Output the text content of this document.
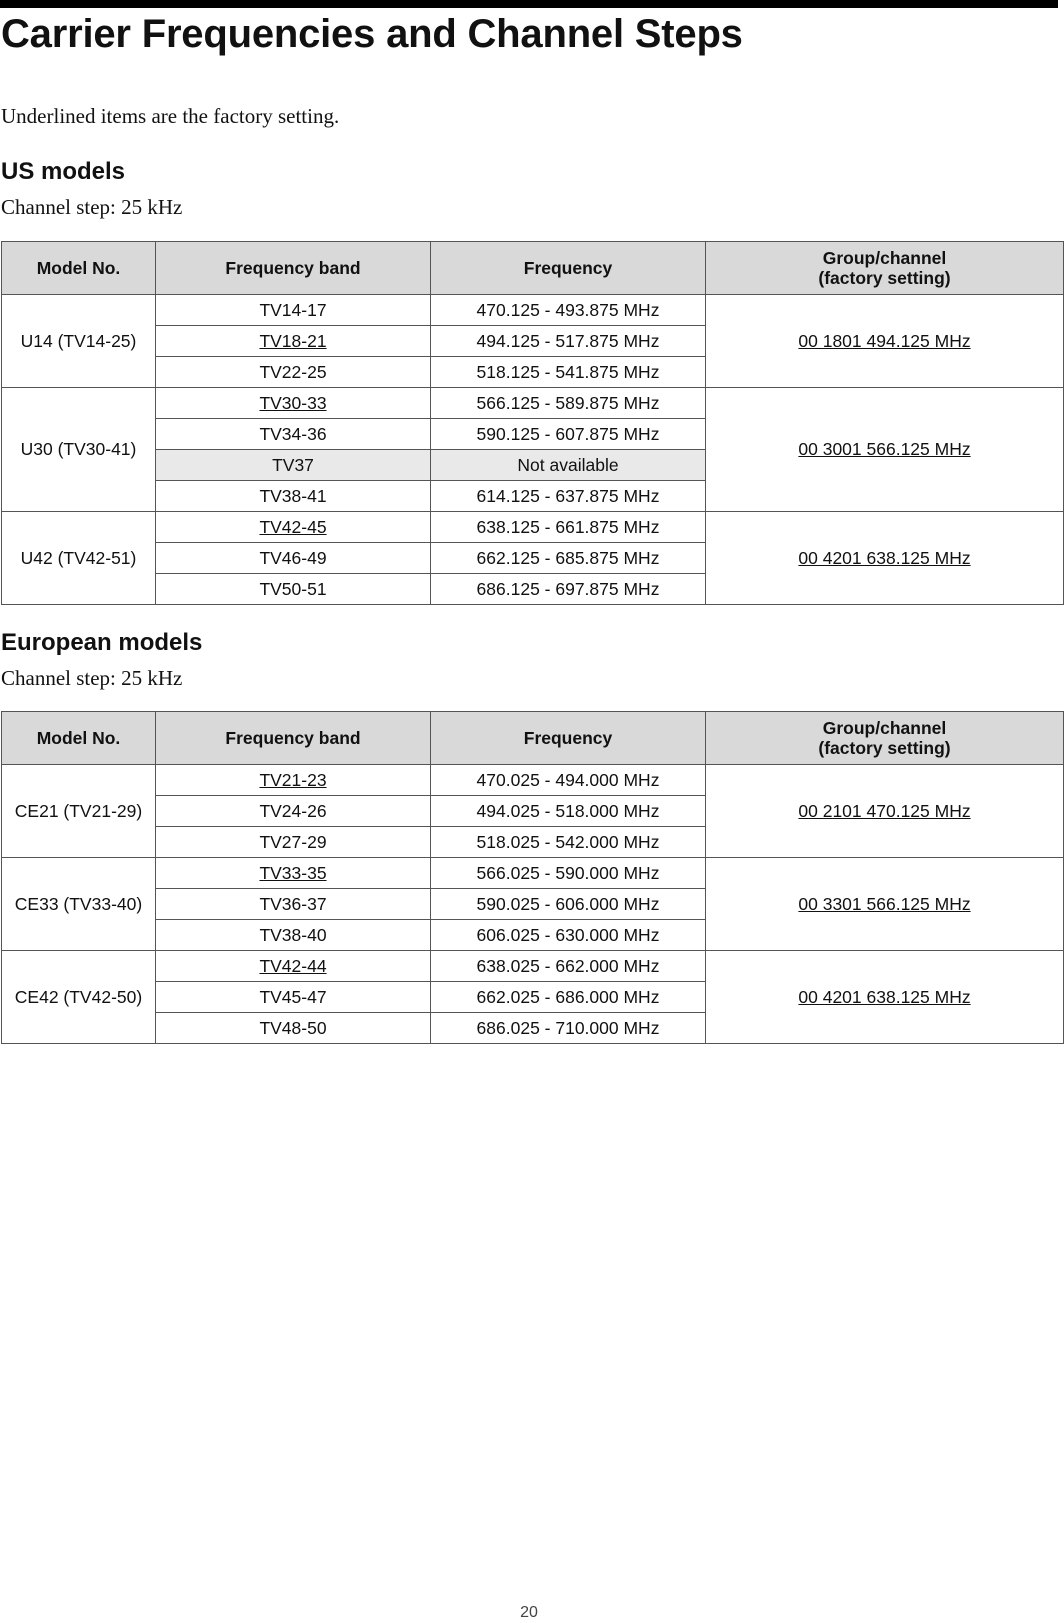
Carrier Frequencies and Channel Steps
Underlined items are the factory setting.
US models
Channel step: 25 kHz
Model No.	Frequency band	Frequency	Group/channel
(factory setting)
U14 (TV14-25)	TV14-17	470.125 - 493.875 MHz	00 1801 494.125 MHz
	TV18-21	494.125 - 517.875 MHz	
	TV22-25	518.125 - 541.875 MHz	
U30 (TV30-41)	TV30-33	566.125 - 589.875 MHz	00 3001 566.125 MHz
	TV34-36	590.125 - 607.875 MHz	
	TV37	Not available	
	TV38-41	614.125 - 637.875 MHz	
U42 (TV42-51)	TV42-45	638.125 - 661.875 MHz	00 4201 638.125 MHz
	TV46-49	662.125 - 685.875 MHz	
	TV50-51	686.125 - 697.875 MHz	
European models
Channel step: 25 kHz
Model No.	Frequency band	Frequency	Group/channel
(factory setting)
CE21 (TV21-29)	TV21-23	470.025 - 494.000 MHz	00 2101 470.125 MHz
	TV24-26	494.025 - 518.000 MHz	
	TV27-29	518.025 - 542.000 MHz	
CE33 (TV33-40)	TV33-35	566.025 - 590.000 MHz	00 3301 566.125 MHz
	TV36-37	590.025 - 606.000 MHz	
	TV38-40	606.025 - 630.000 MHz	
CE42 (TV42-50)	TV42-44	638.025 - 662.000 MHz	00 4201 638.125 MHz
	TV45-47	662.025 - 686.000 MHz	
	TV48-50	686.025 - 710.000 MHz	
20
